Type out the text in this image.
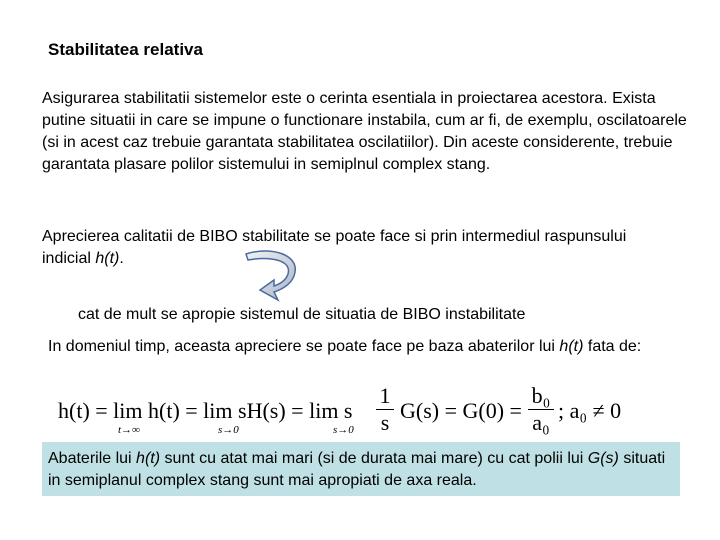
Stabilitatea relativa
Asigurarea stabilitatii sistemelor este o cerinta esentiala in proiectarea acestora. Exista putine situatii in care se impune o functionare instabila, cum ar fi, de exemplu, oscilatoarele (si in acest caz trebuie garantata stabilitatea oscilatiilor). Din aceste considerente, trebuie garantata plasare polilor sistemului in semiplnul complex stang.
Aprecierea calitatii de BIBO stabilitate se poate face si prin intermediul raspunsului indicial h(t).
cat de mult se apropie sistemul de situatia de BIBO instabilitate
In domeniul timp, aceasta apreciere se poate face pe baza abaterilor lui h(t) fata de:
h(t) = lim h(t) = lim sH(s) = lim s
t→∞	s→0	s→0
1
s G(s) = G(0) =
b₀
a₀ ; a₀ ≠ 0
Abaterile lui h(t) sunt cu atat mai mari (si de durata mai mare) cu cat polii lui G(s) situati in semiplanul complex stang sunt mai apropiati de axa reala.
